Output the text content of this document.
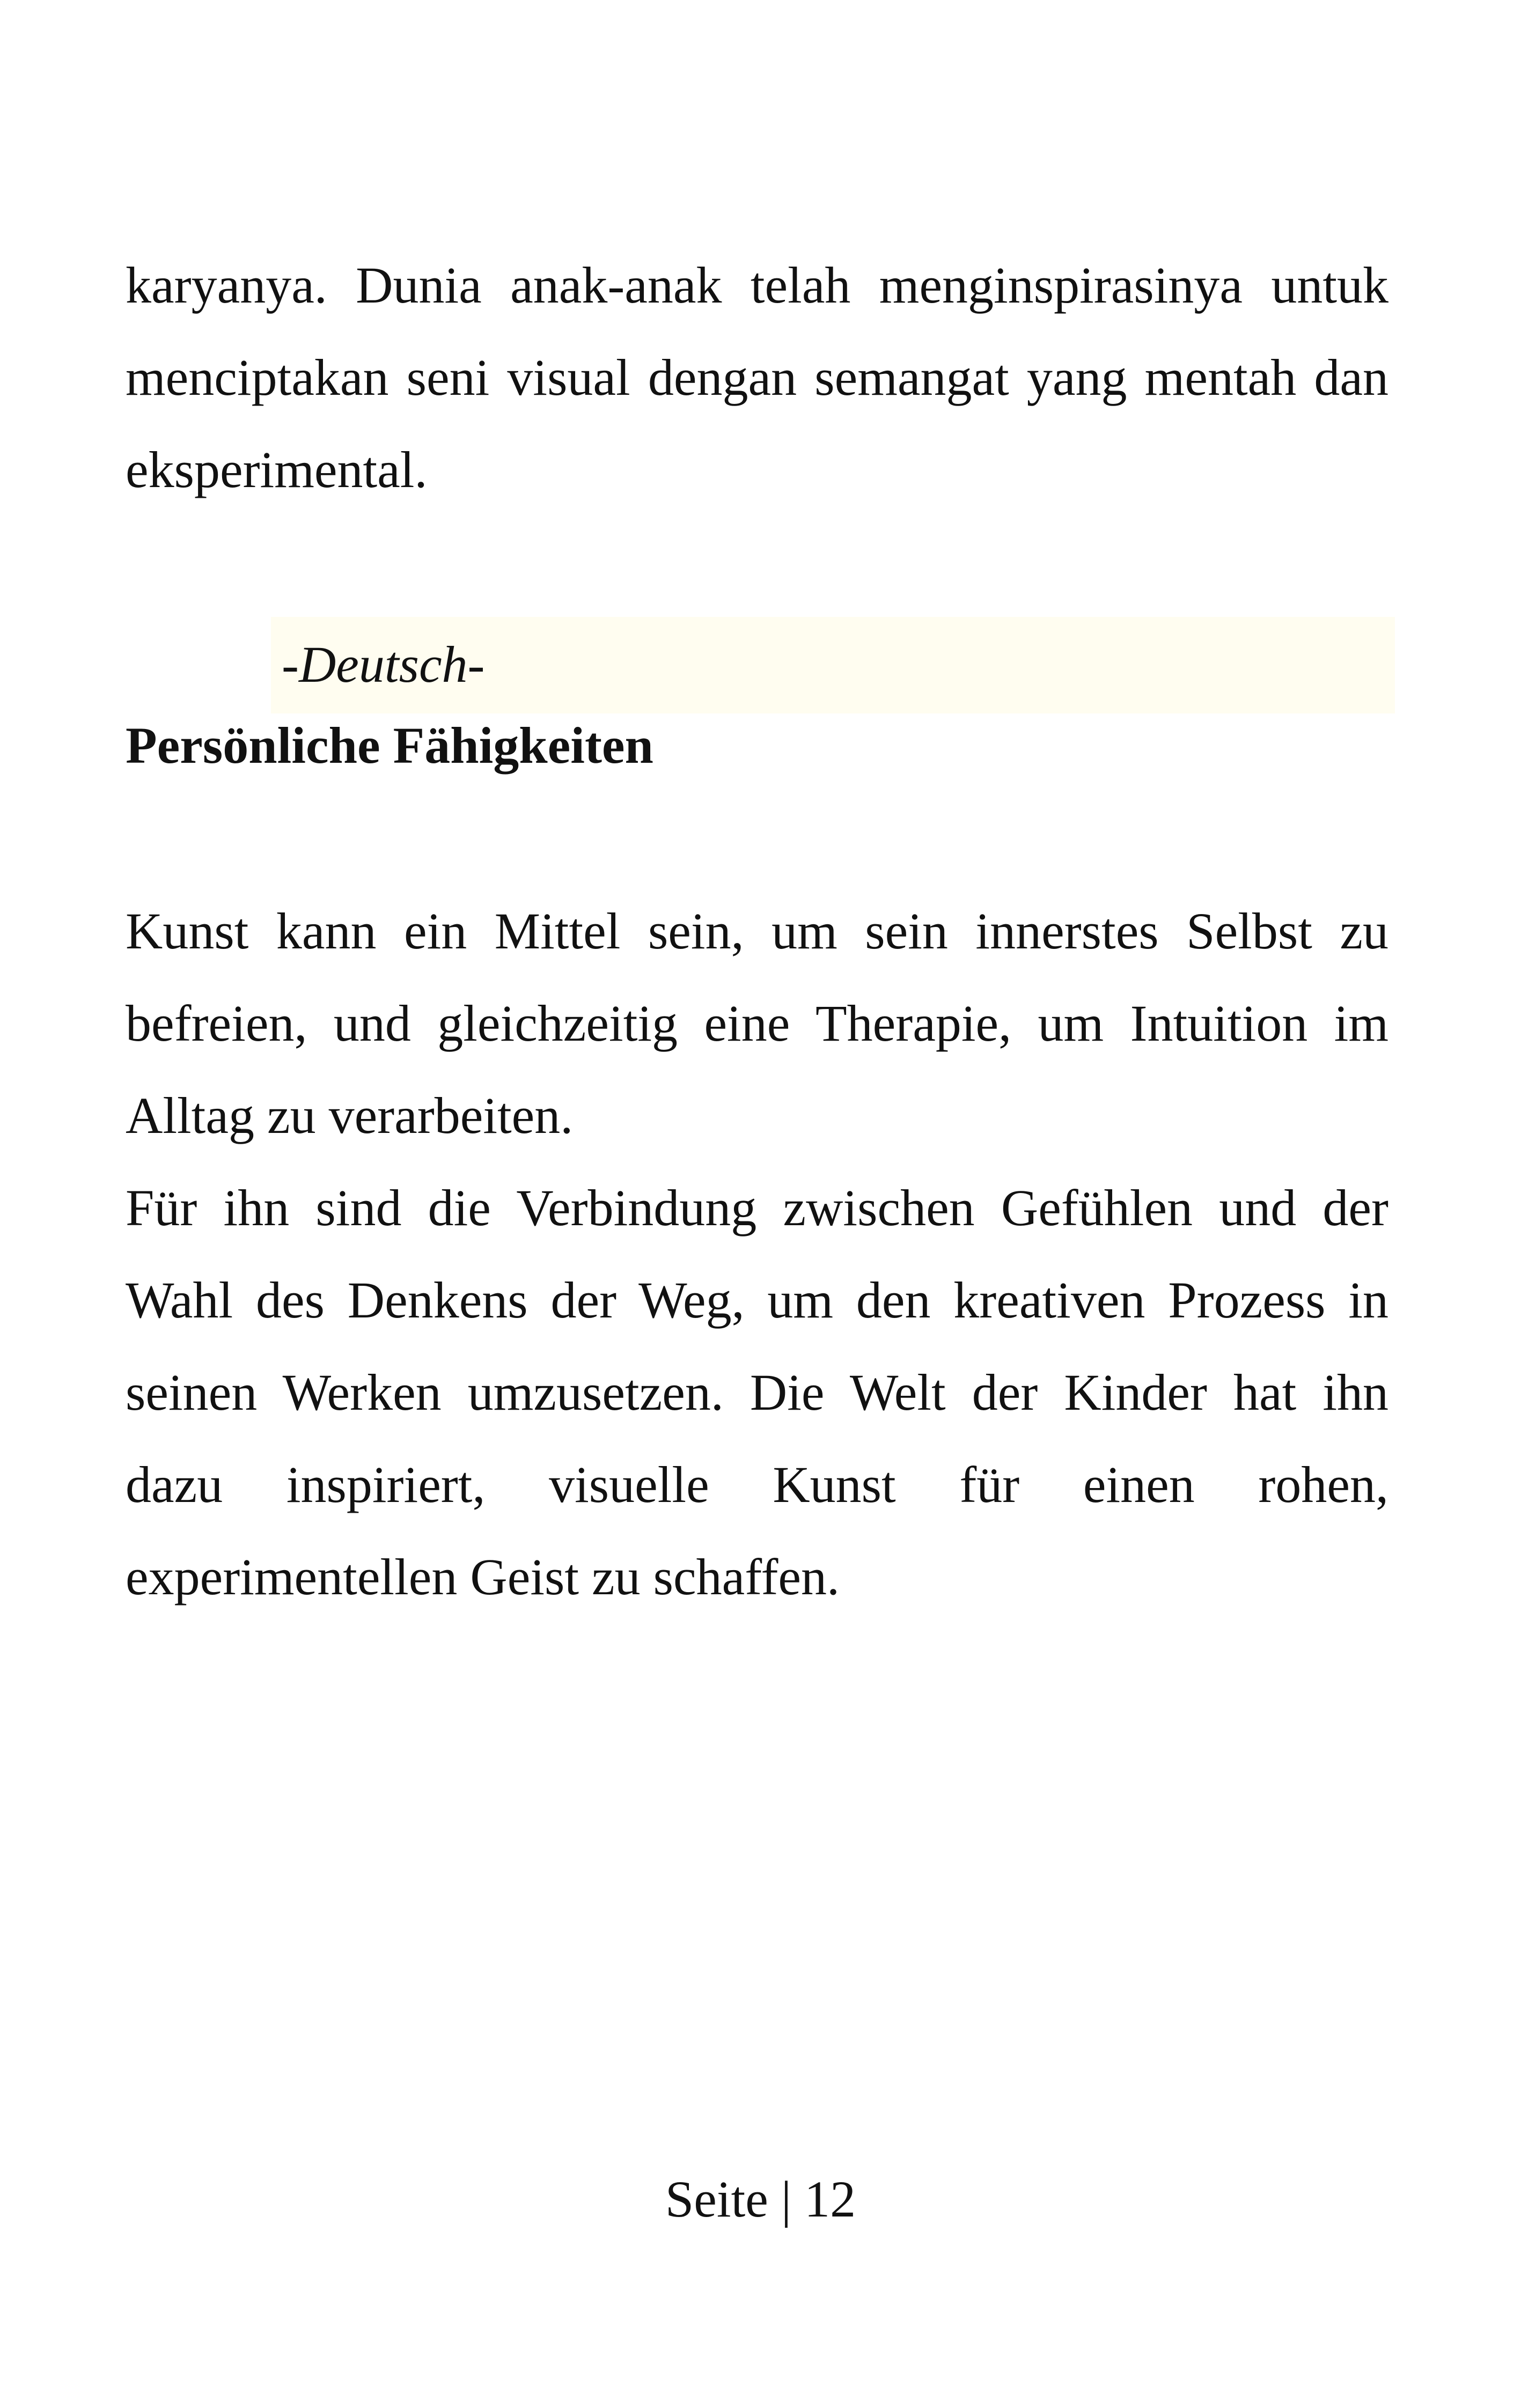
karyanya. Dunia anak-anak telah menginspirasinya untuk menciptakan seni visual dengan semangat yang mentah dan eksperimental.

-Deutsch-
Persönliche Fähigkeiten

Kunst kann ein Mittel sein, um sein innerstes Selbst zu befreien, und gleichzeitig eine Therapie, um Intuition im Alltag zu verarbeiten.

Für ihn sind die Verbindung zwischen Gefühlen und der Wahl des Denkens der Weg, um den kreativen Prozess in seinen Werken umzusetzen. Die Welt der Kinder hat ihn dazu inspiriert, visuelle Kunst für einen rohen, experimentellen Geist zu schaffen.

Seite | 12
